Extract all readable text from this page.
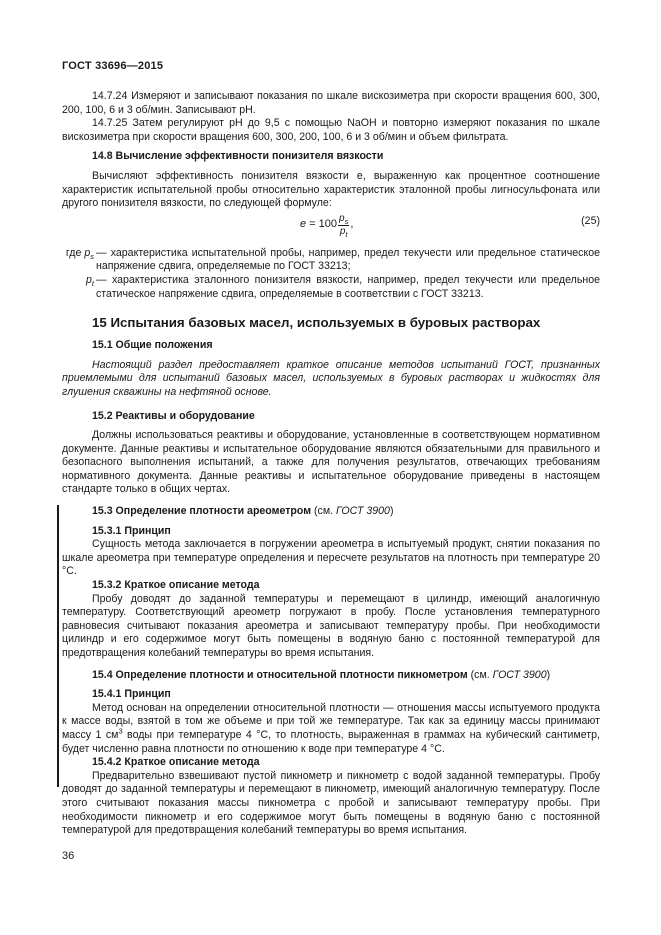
ГОСТ 33696—2015

14.7.24 Измеряют и записывают показания по шкале вискозиметра при скорости вращения 600, 300, 200, 100, 6 и 3 об/мин. Записывают pH.

14.7.25 Затем регулируют pH до 9,5 с помощью NaOH и повторно измеряют показания по шкале вискозиметра при скорости вращения 600, 300, 200, 100, 6 и 3 об/мин и объем фильтрата.

14.8 Вычисление эффективности понизителя вязкости

Вычисляют эффективность понизителя вязкости e, выраженную как процентное соотношение характеристик испытательной пробы относительно характеристик эталонной пробы лигносульфоната или другого понизителя вязкости, по следующей формуле:

$e = 100 \frac{p_s}{p_t}$ ,	(25)
где $p_s$ — характеристика испытательной пробы, например, предел текучести или предельное статическое напряжение сдвига, определяемые по ГОСТ 33213;
$p_t$ — характеристика эталонного понизителя вязкости, например, предел текучести или предельное статическое напряжение сдвига, определяемые в соответствии с ГОСТ 33213.

15 Испытания базовых масел, используемых в буровых растворах

15.1 Общие положения

Настоящий раздел предоставляет краткое описание методов испытаний ГОСТ, признанных приемлемыми для испытаний базовых масел, используемых в буровых растворах и жидкостях для глушения скважины на нефтяной основе.

15.2 Реактивы и оборудование

Должны использоваться реактивы и оборудование, установленные в соответствующем нормативном документе. Данные реактивы и испытательное оборудование являются обязательными для правильного и безопасного выполнения испытаний, а также для получения результатов, отвечающих требованиям нормативного документа. Данные реактивы и испытательное оборудование приведены в настоящем стандарте только в общих чертах.

15.3 Определение плотности ареометром (см. ГОСТ 3900)

15.3.1 Принцип

Сущность метода заключается в погружении ареометра в испытуемый продукт, снятии показания по шкале ареометра при температуре определения и пересчете результатов на плотность при температуре 20 °С.

15.3.2 Краткое описание метода

Пробу доводят до заданной температуры и перемещают в цилиндр, имеющий аналогичную температуру. Соответствующий ареометр погружают в пробу. После установления температурного равновесия считывают показания ареометра и записывают температуру пробы. При необходимости цилиндр и его содержимое могут быть помещены в водяную баню с постоянной температурой для предотвращения колебаний температуры во время испытания.

15.4 Определение плотности и относительной плотности пикнометром (см. ГОСТ 3900)

15.4.1 Принцип

Метод основан на определении относительной плотности — отношения массы испытуемого продукта к массе воды, взятой в том же объеме и при той же температуре. Так как за единицу массы принимают массу 1 $см^3$ воды при температуре 4 °С, то плотность, выраженная в граммах на кубический сантиметр, будет численно равна плотности по отношению к воде при температуре 4 °С.

15.4.2 Краткое описание метода

Предварительно взвешивают пустой пикнометр и пикнометр с водой заданной температуры. Пробу доводят до заданной температуры и перемещают в пикнометр, имеющий аналогичную температуру. После этого считывают показания массы пикнометра с пробой и записывают температуру пробы. При необходимости пикнометр и его содержимое могут быть помещены в водяную баню с постоянной температурой для предотвращения колебаний температуры во время испытания.

36
